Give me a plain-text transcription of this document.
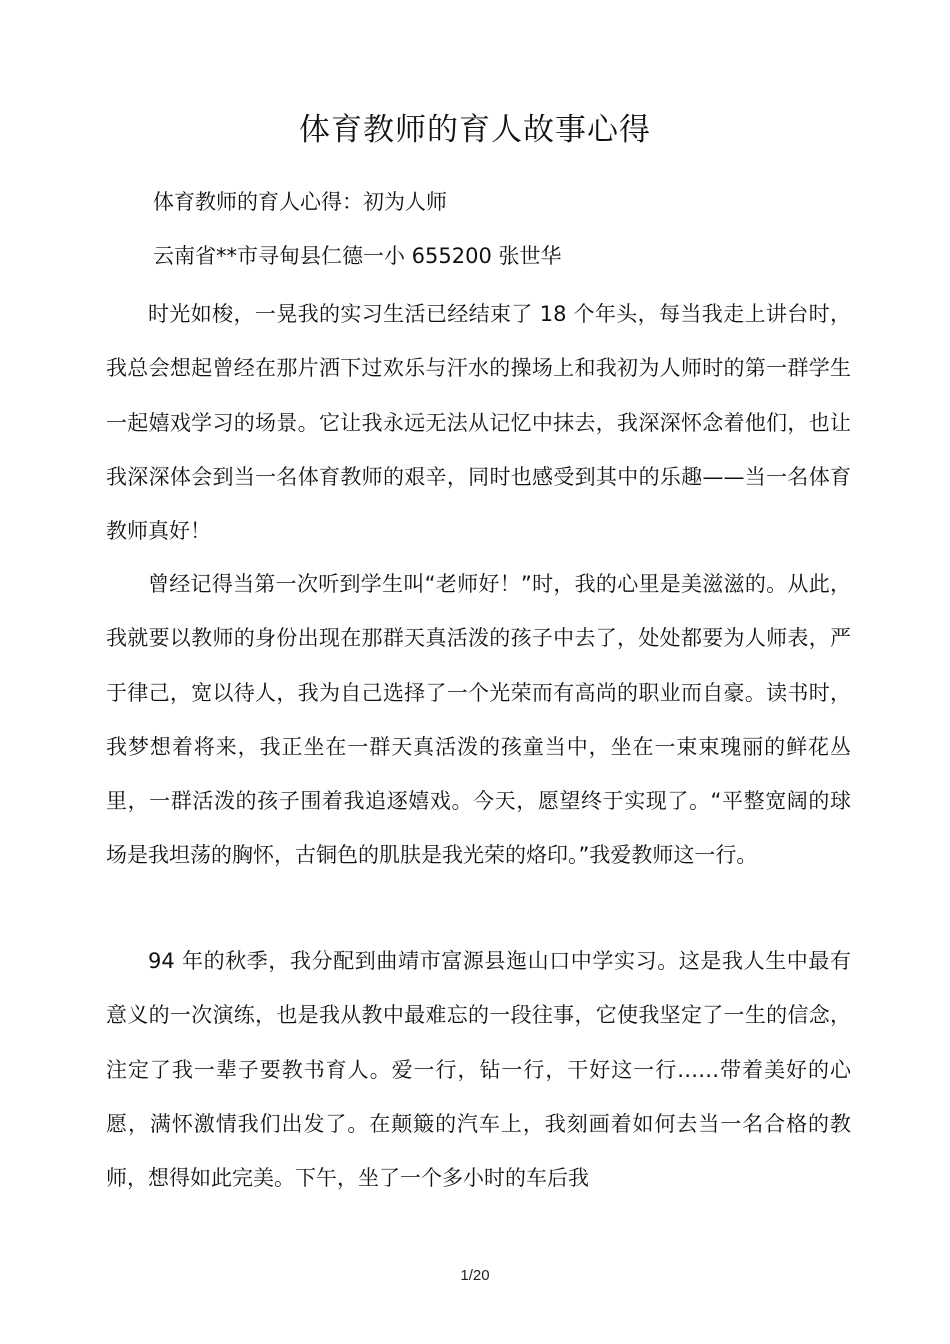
体育教师的育人故事心得
体育教师的育人心得：初为人师
云南省**市寻甸县仁德一小 655200 张世华

时光如梭，一晃我的实习生活已经结束了 18 个年头，每当我走上讲台时，我总会想起曾经在那片洒下过欢乐与汗水的操场上和我初为人师时的第一群学生一起嬉戏学习的场景。它让我永远无法从记忆中抹去，我深深怀念着他们，也让我深深体会到当一名体育教师的艰辛，同时也感受到其中的乐趣——当一名体育教师真好！

曾经记得当第一次听到学生叫“老师好！”时，我的心里是美滋滋的。从此，我就要以教师的身份出现在那群天真活泼的孩子中去了，处处都要为人师表，严于律己，宽以待人，我为自己选择了一个光荣而有高尚的职业而自豪。读书时，我梦想着将来，我正坐在一群天真活泼的孩童当中，坐在一束束瑰丽的鲜花丛里，一群活泼的孩子围着我追逐嬉戏。今天，愿望终于实现了。“平整宽阔的球场是我坦荡的胸怀，古铜色的肌肤是我光荣的烙印。”我爱教师这一行。

94 年的秋季，我分配到曲靖市富源县迤山口中学实习。这是我人生中最有意义的一次演练，也是我从教中最难忘的一段往事，它使我坚定了一生的信念，注定了我一辈子要教书育人。爱一行，钻一行，干好这一行……带着美好的心愿，满怀激情我们出发了。在颠簸的汽车上，我刻画着如何去当一名合格的教师，想得如此完美。下午，坐了一个多小时的车后我

1/20
